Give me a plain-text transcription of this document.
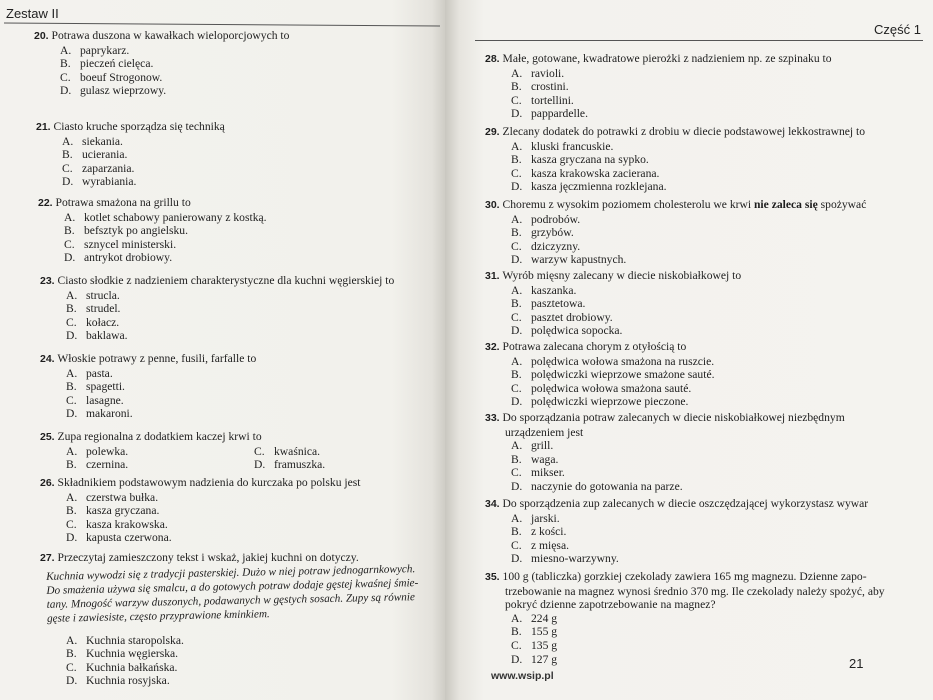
Zestaw II
20. Potrawa duszona w kawałkach wieloporcjowych to
A. paprykarz.
B. pieczeń cielęca.
C. boeuf Strogonow.
D. gulasz wieprzowy.
21. Ciasto kruche sporządza się techniką
A. siekania.
B. ucierania.
C. zaparzania.
D. wyrabiania.
22. Potrawa smażona na grillu to
A. kotlet schabowy panierowany z kostką.
B. befsztyk po angielsku.
C. sznycel ministerski.
D. antrykot drobiowy.
23. Ciasto słodkie z nadzieniem charakterystyczne dla kuchni węgierskiej to
A. strucla.
B. strudel.
C. kołacz.
D. baklawa.
24. Włoskie potrawy z penne, fusili, farfalle to
A. pasta.
B. spagetti.
C. lasagne.
D. makaroni.
25. Zupa regionalna z dodatkiem kaczej krwi to
A. polewka.	C. kwaśnica.
B. czernina.	D. framuszka.
26. Składnikiem podstawowym nadzienia do kurczaka po polsku jest
A. czerstwa bułka.
B. kasza gryczana.
C. kasza krakowska.
D. kapusta czerwona.
27. Przeczytaj zamieszczony tekst i wskaż, jakiej kuchni on dotyczy.
Kuchnia wywodzi się z tradycji pasterskiej. Dużo w niej potraw jednogarnkowych.
Do smażenia używa się smalcu, a do gotowych potraw dodaje gęstej kwaśnej śmie-
tany. Mnogość warzyw duszonych, podawanych w gęstych sosach. Zupy są równie
gęste i zawiesiste, często przyprawione kminkiem.
A. Kuchnia staropolska.
B. Kuchnia węgierska.
C. Kuchnia bałkańska.
D. Kuchnia rosyjska.
Część 1
28. Małe, gotowane, kwadratowe pierożki z nadzieniem np. ze szpinaku to
A. ravioli.
B. crostini.
C. tortellini.
D. pappardelle.
29. Zlecany dodatek do potrawki z drobiu w diecie podstawowej lekkostrawnej to
A. kluski francuskie.
B. kasza gryczana na sypko.
C. kasza krakowska zacierana.
D. kasza jęczmienna rozklejana.
30. Choremu z wysokim poziomem cholesterolu we krwi nie zaleca się spożywać
A. podrobów.
B. grzybów.
C. dziczyzny.
D. warzyw kapustnych.
31. Wyrób mięsny zalecany w diecie niskobiałkowej to
A. kaszanka.
B. pasztetowa.
C. pasztet drobiowy.
D. polędwica sopocka.
32. Potrawa zalecana chorym z otyłością to
A. polędwica wołowa smażona na ruszcie.
B. polędwiczki wieprzowe smażone sauté.
C. polędwica wołowa smażona sauté.
D. polędwiczki wieprzowe pieczone.
33. Do sporządzania potraw zalecanych w diecie niskobiałkowej niezbędnym
urządzeniem jest
A. grill.
B. waga.
C. mikser.
D. naczynie do gotowania na parze.
34. Do sporządzenia zup zalecanych w diecie oszczędzającej wykorzystasz wywar
A. jarski.
B. z kości.
C. z mięsa.
D. miesno-warzywny.
35. 100 g (tabliczka) gorzkiej czekolady zawiera 165 mg magnezu. Dzienne zapo-
trzebowanie na magnez wynosi średnio 370 mg. Ile czekolady należy spożyć, aby
pokryć dzienne zapotrzebowanie na magnez?
A. 224 g
B. 155 g
C. 135 g
D. 127 g	21
www.wsip.pl
